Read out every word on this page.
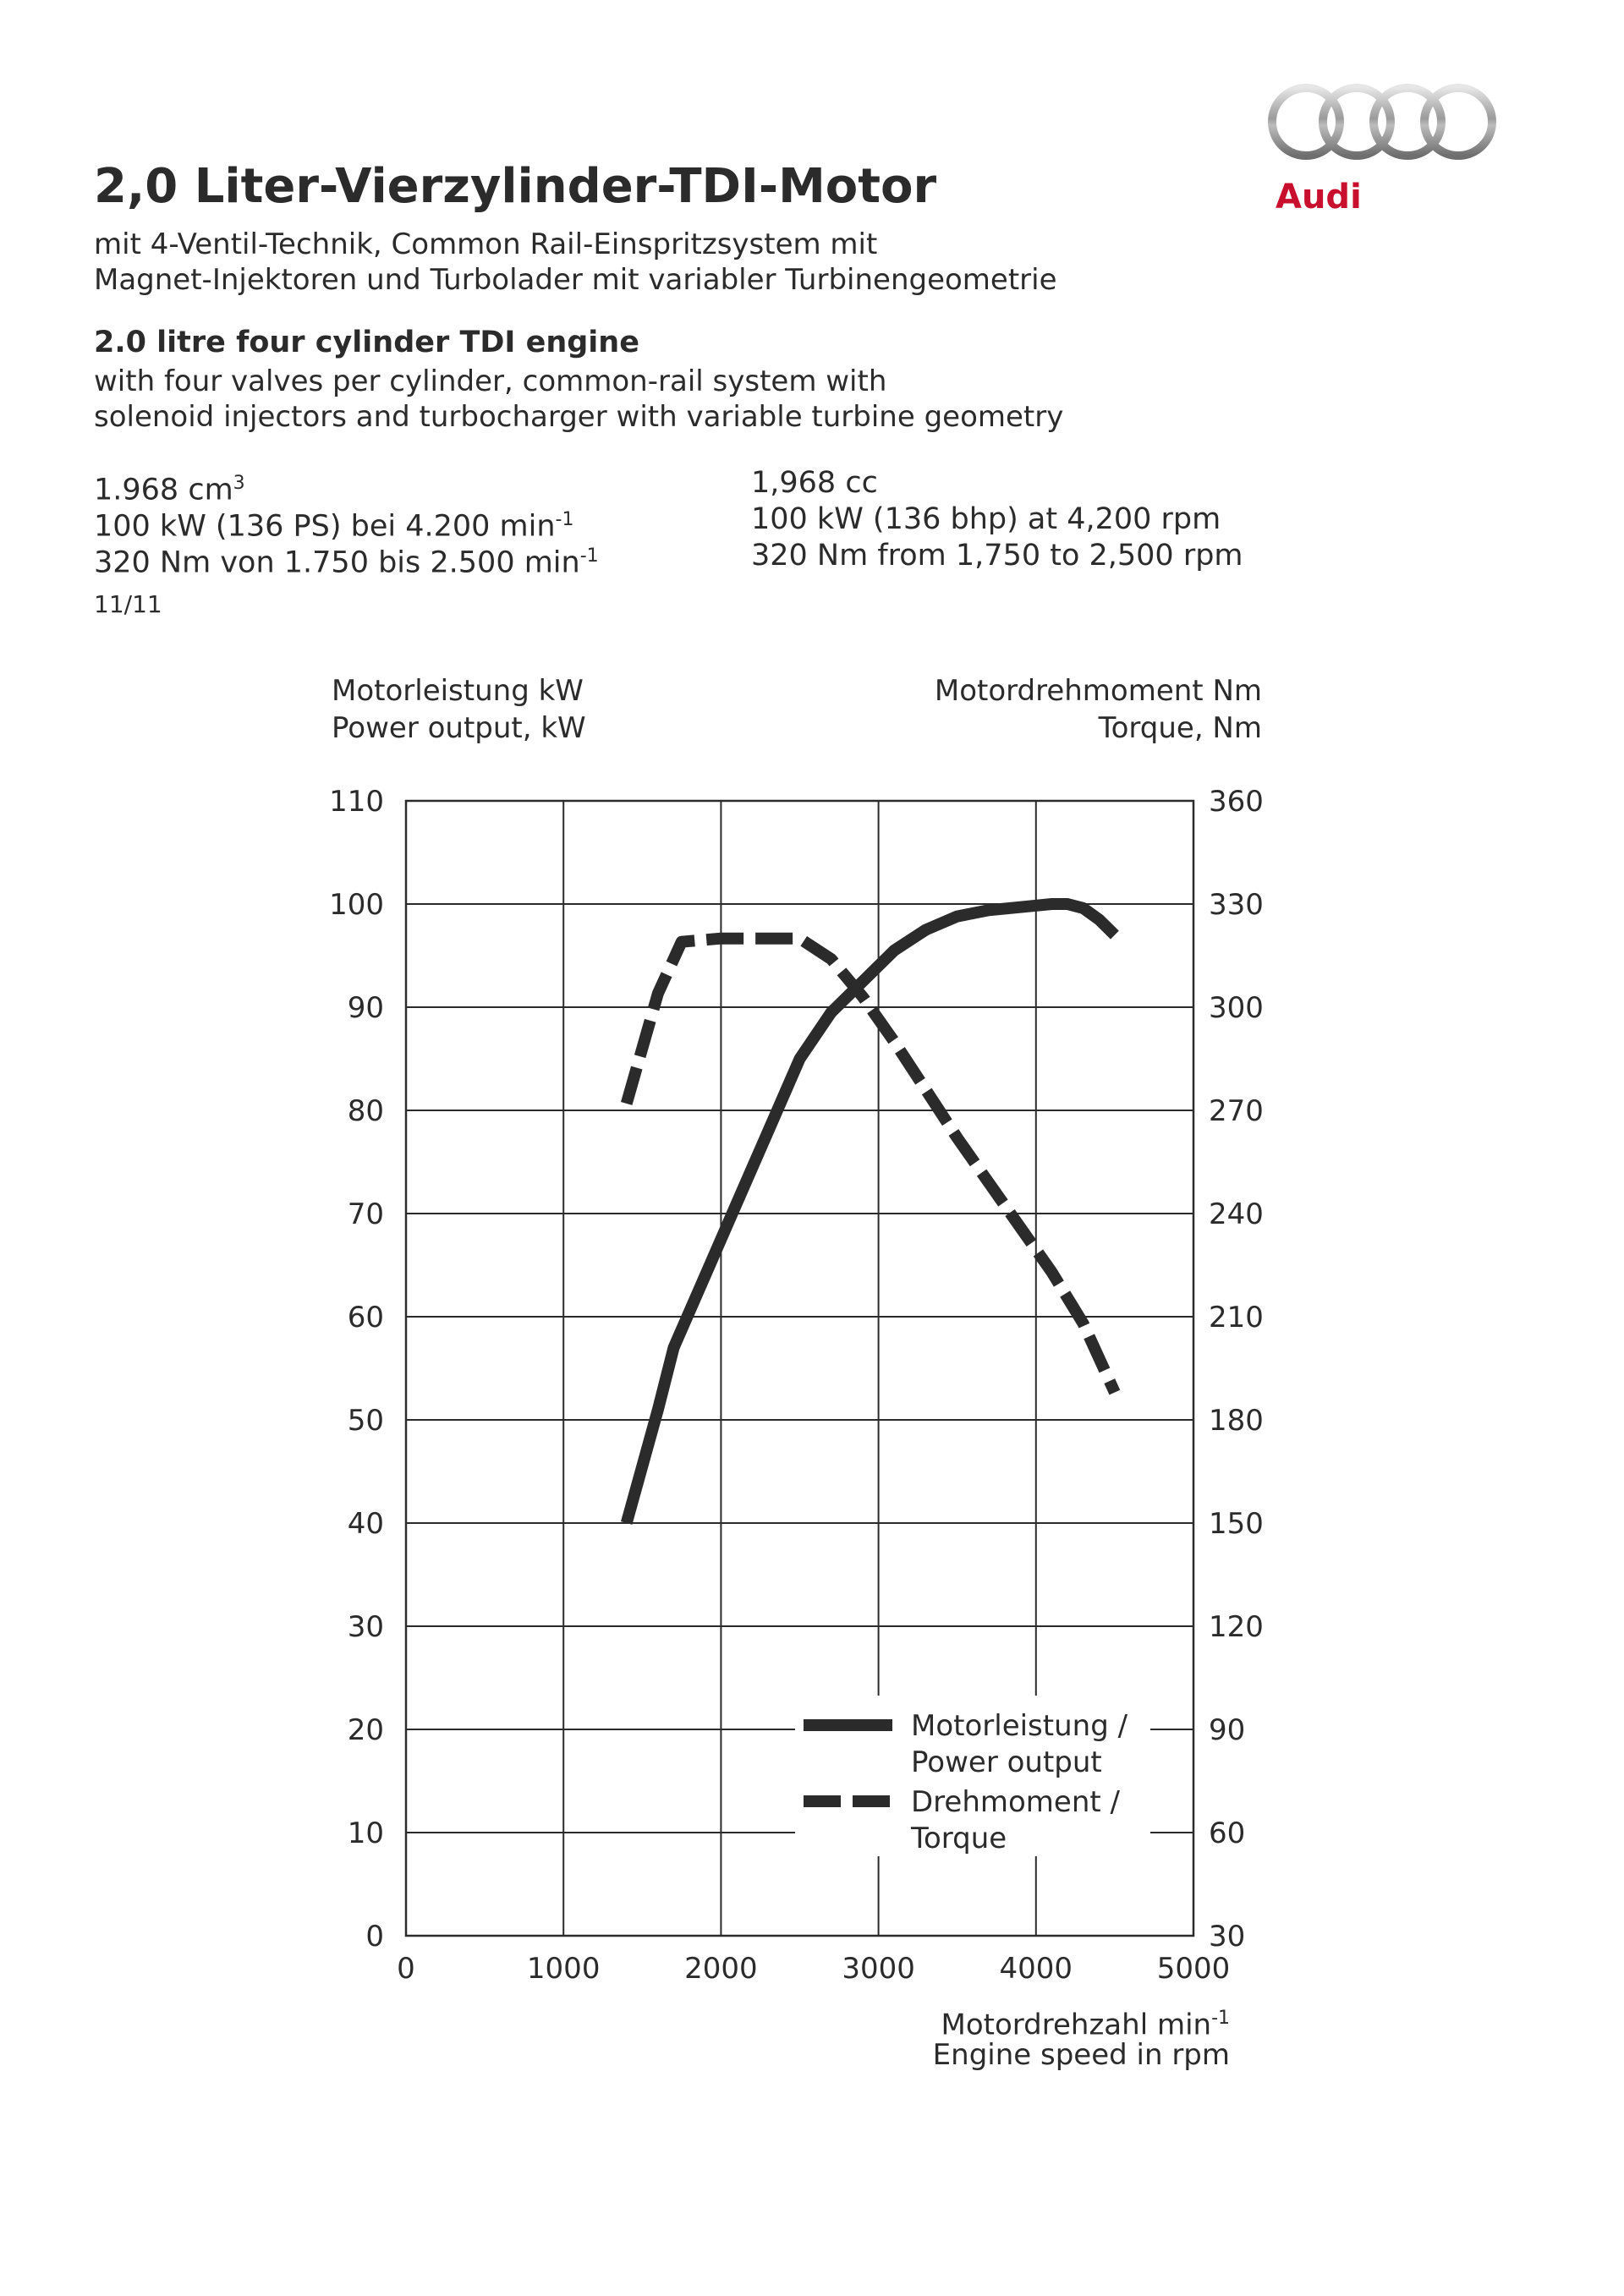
Audi
2,0 Liter-Vierzylinder-TDI-Motor
mit 4-Ventil-Technik, Common Rail-Einspritzsystem mit
Magnet-Injektoren und Turbolader mit variabler Turbinengeometrie
2.0 litre four cylinder TDI engine
with four valves per cylinder, common-rail system with
solenoid injectors and turbocharger with variable turbine geometry
1.968 $cm^3$
100 kW (136 PS) bei 4.200 $\min^{-1}$
320 Nm von 1.750 bis 2.500 $\min^{-1}$
1,968 cc
100 kW (136 bhp) at 4,200 rpm
320 Nm from 1,750 to 2,500 rpm
11/11
Motorleistung kW
Power output, kW
Motordrehmoment Nm
Torque, Nm
Motordrehzahl $\min^{-1}$
Engine speed in rpm
0	1000	2000	3000	4000	5000
0	30
10	60
20	90
30	120
40	150
50	180
60	210
70	240
80	270
90	300
100	330
110	360
Motorleistung /
Power output
Drehmoment /
Torque
